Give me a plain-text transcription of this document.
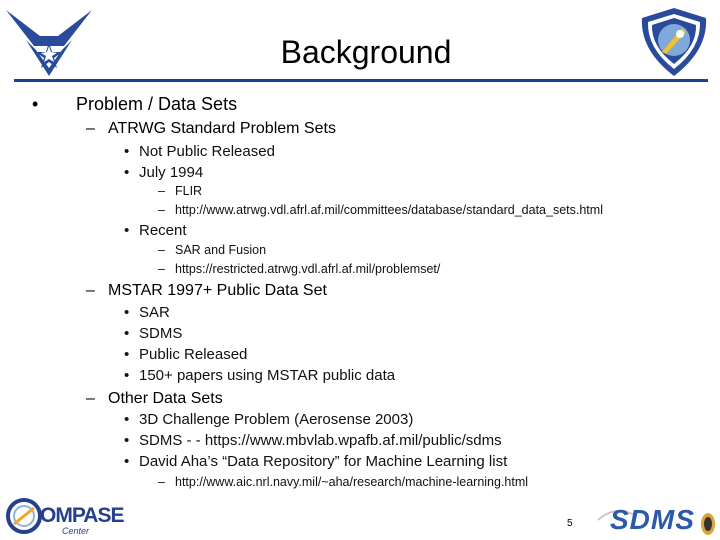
Background
• Problem / Data Sets
– ATRWG Standard Problem Sets
• Not Public Released
• July 1994
– FLIR
– http://www.atrwg.vdl.afrl.af.mil/committees/database/standard_data_sets.html
• Recent
– SAR and Fusion
– https://restricted.atrwg.vdl.afrl.af.mil/problemset/
– MSTAR 1997+ Public Data Set
• SAR
• SDMS
• Public Released
• 150+ papers using MSTAR public data
– Other Data Sets
• 3D Challenge Problem (Aerosense 2003)
• SDMS - - https://www.mbvlab.wpafb.af.mil/public/sdms
• David Aha’s “Data Repository” for Machine Learning list
– http://www.aic.nrl.navy.mil/~aha/research/machine-learning.html
OMPASE
Center
5 SDMS
